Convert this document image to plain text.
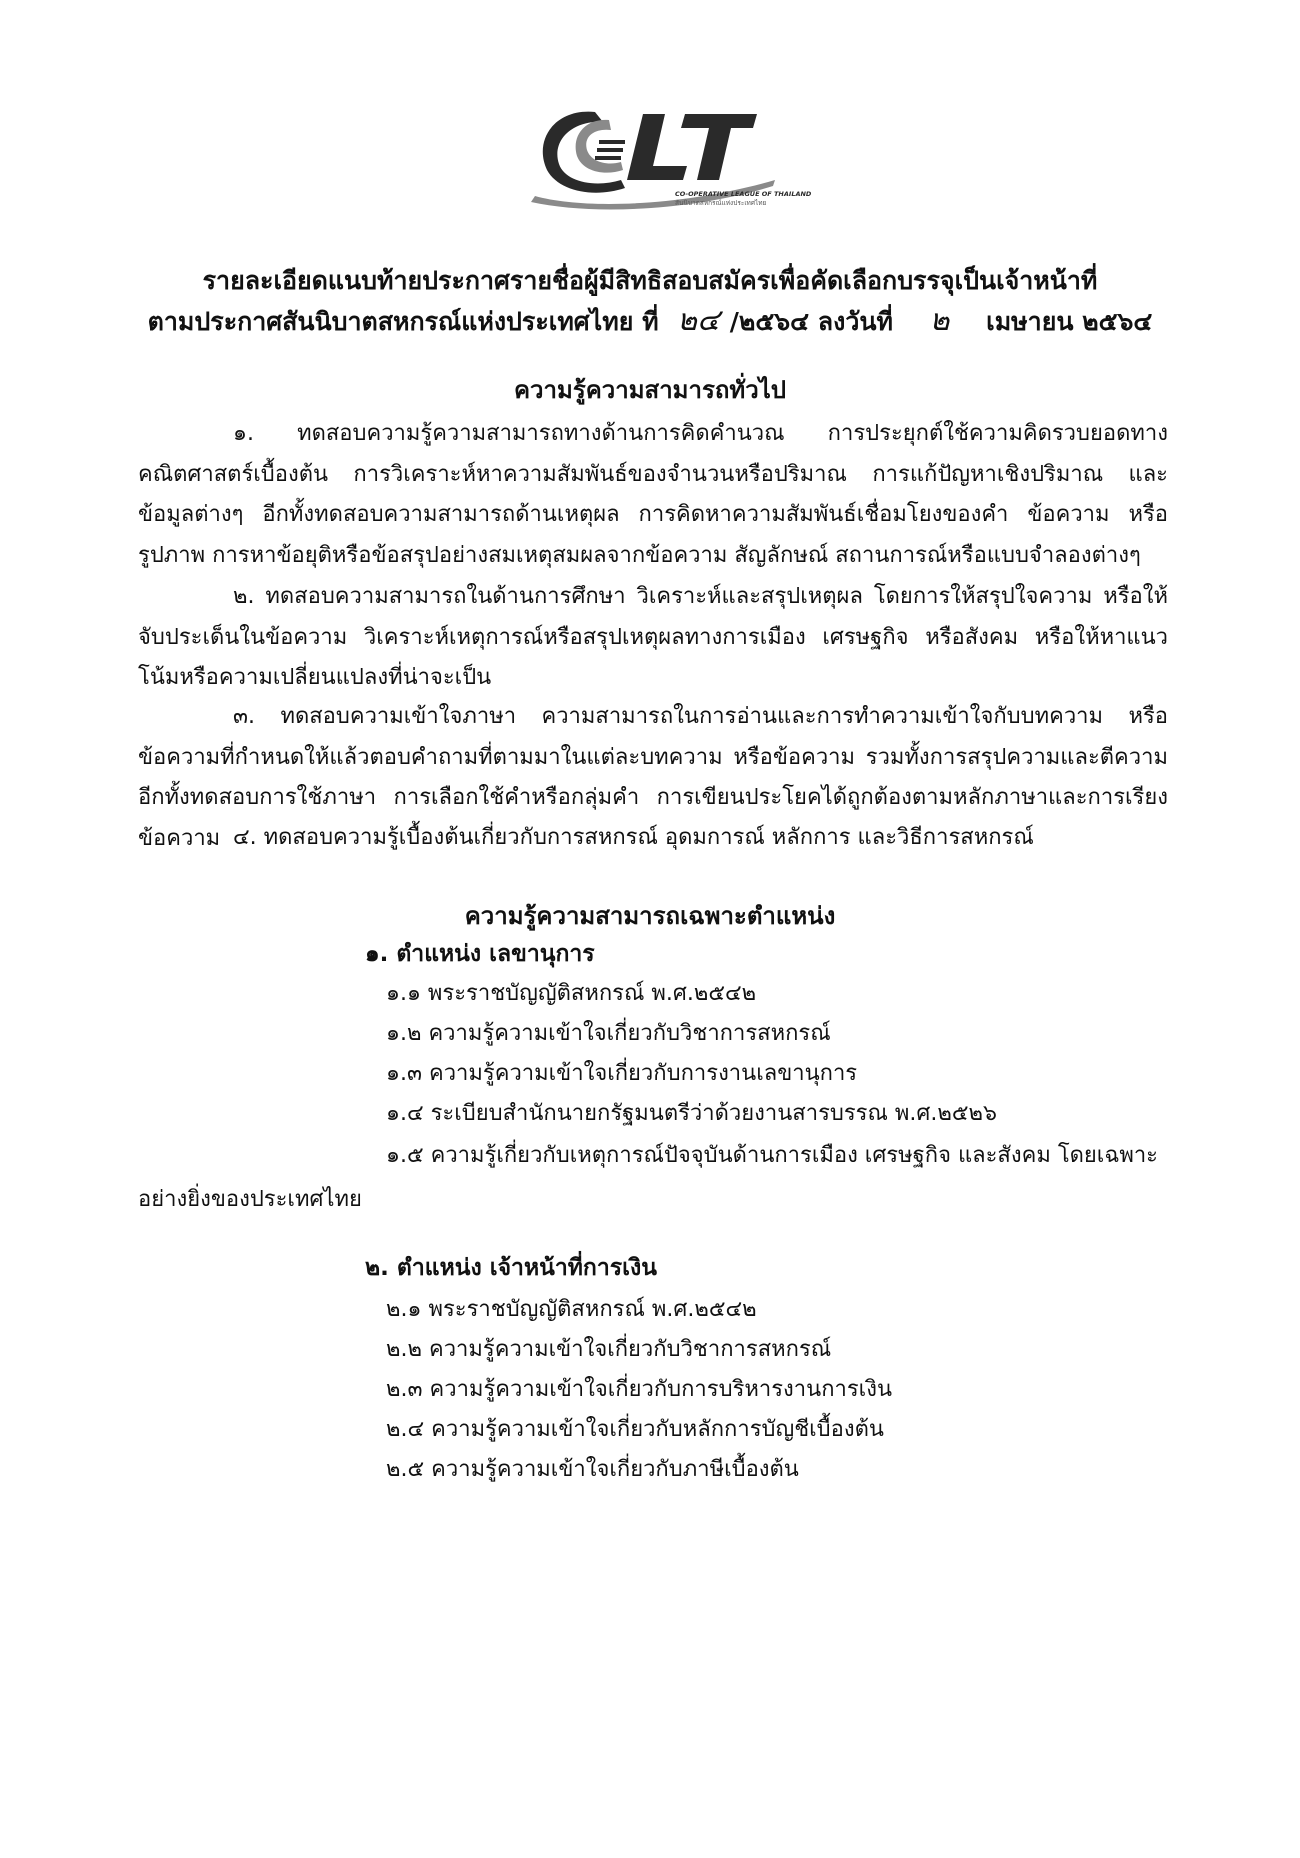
CO-OPERATIVE LEAGUE OF THAILAND
สันนิบาตสหกรณ์แห่งประเทศไทย
รายละเอียดแนบท้ายประกาศรายชื่อผู้มีสิทธิสอบสมัครเพื่อคัดเลือกบรรจุเป็นเจ้าหน้าที่
ตามประกาศสันนิบาตสหกรณ์แห่งประเทศไทย ที่ ๒๔ /๒๕๖๔ ลงวันที่ ๒ เมษายน ๒๕๖๔
ความรู้ความสามารถทั่วไป
๑. ทดสอบความรู้ความสามารถทางด้านการคิดคำนวณ การประยุกต์ใช้ความคิดรวบยอดทางคณิตศาสตร์เบื้องต้น การวิเคราะห์หาความสัมพันธ์ของจำนวนหรือปริมาณ การแก้ปัญหาเชิงปริมาณ และข้อมูลต่างๆ อีกทั้งทดสอบความสามารถด้านเหตุผล การคิดหาความสัมพันธ์เชื่อมโยงของคำ ข้อความ หรือรูปภาพ การหาข้อยุติหรือข้อสรุปอย่างสมเหตุสมผลจากข้อความ สัญลักษณ์ สถานการณ์หรือแบบจำลองต่างๆ
๒. ทดสอบความสามารถในด้านการศึกษา วิเคราะห์และสรุปเหตุผล โดยการให้สรุปใจความ หรือให้จับประเด็นในข้อความ วิเคราะห์เหตุการณ์หรือสรุปเหตุผลทางการเมือง เศรษฐกิจ หรือสังคม หรือให้หาแนวโน้มหรือความเปลี่ยนแปลงที่น่าจะเป็น
๓. ทดสอบความเข้าใจภาษา ความสามารถในการอ่านและการทำความเข้าใจกับบทความ หรือข้อความที่กำหนดให้แล้วตอบคำถามที่ตามมาในแต่ละบทความ หรือข้อความ รวมทั้งการสรุปความและตีความ อีกทั้งทดสอบการใช้ภาษา การเลือกใช้คำหรือกลุ่มคำ การเขียนประโยคได้ถูกต้องตามหลักภาษาและการเรียงข้อความ ๔. ทดสอบความรู้เบื้องต้นเกี่ยวกับการสหกรณ์ อุดมการณ์ หลักการ และวิธีการสหกรณ์
ความรู้ความสามารถเฉพาะตำแหน่ง
๑. ตำแหน่ง เลขานุการ
๑.๑ พระราชบัญญัติสหกรณ์ พ.ศ.๒๕๔๒
๑.๒ ความรู้ความเข้าใจเกี่ยวกับวิชาการสหกรณ์
๑.๓ ความรู้ความเข้าใจเกี่ยวกับการงานเลขานุการ
๑.๔ ระเบียบสำนักนายกรัฐมนตรีว่าด้วยงานสารบรรณ พ.ศ.๒๕๒๖
๑.๕ ความรู้เกี่ยวกับเหตุการณ์ปัจจุบันด้านการเมือง เศรษฐกิจ และสังคม โดยเฉพาะอย่างยิ่งของประเทศไทย
๒. ตำแหน่ง เจ้าหน้าที่การเงิน
๒.๑ พระราชบัญญัติสหกรณ์ พ.ศ.๒๕๔๒
๒.๒ ความรู้ความเข้าใจเกี่ยวกับวิชาการสหกรณ์
๒.๓ ความรู้ความเข้าใจเกี่ยวกับการบริหารงานการเงิน
๒.๔ ความรู้ความเข้าใจเกี่ยวกับหลักการบัญชีเบื้องต้น
๒.๕ ความรู้ความเข้าใจเกี่ยวกับภาษีเบื้องต้น
